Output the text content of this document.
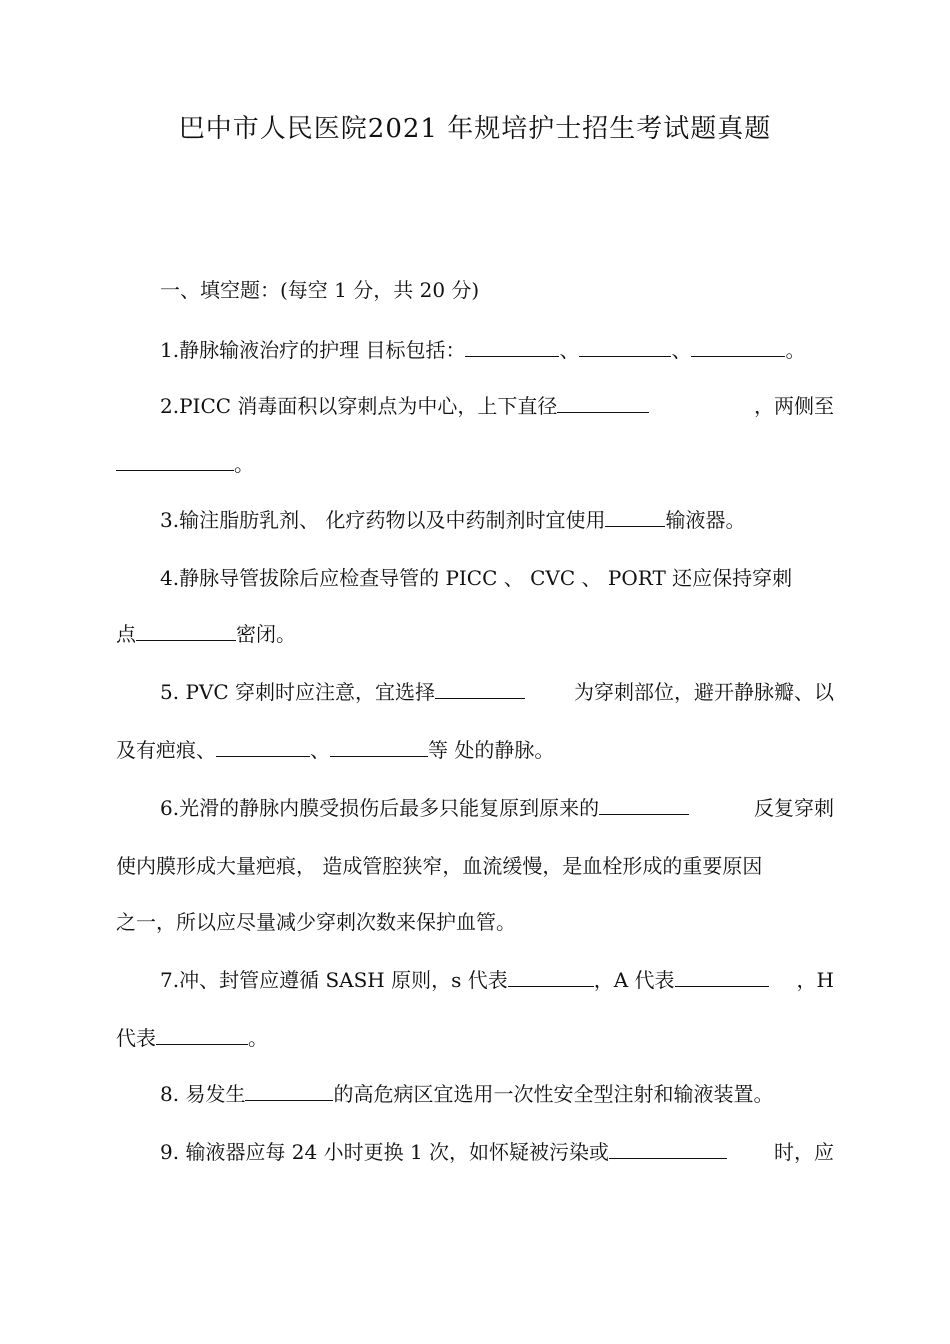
巴中市人民医院2021 年规培护士招生考试题真题
一、填空题：(每空 1 分，共 20 分)
1.静脉输液治疗的护理 目标包括：	、	、	。
2.PICC 消毒面积以穿刺点为中心，上下直径	，两侧至
。
3.输注脂肪乳剂、 化疗药物以及中药制剂时宜使用	输液器。
4.静脉导管拔除后应检查导管的 PICC 、 CVC 、 PORT 还应保持穿刺
点	密闭。
5. PVC 穿刺时应注意，宜选择	为穿刺部位，避开静脉瓣、以
及有疤痕、	、	等 处的静脉。
6.光滑的静脉内膜受损伤后最多只能复原到原来的	反复穿刺
使内膜形成大量疤痕， 造成管腔狭窄，血流缓慢，是血栓形成的重要原因
之一，所以应尽量减少穿刺次数来保护血管。
7.冲、封管应遵循 SASH 原则，s 代表	，A 代表	，H
代表	。
8. 易发生	的高危病区宜选用一次性安全型注射和输液装置。
9. 输液器应每 24 小时更换 1 次，如怀疑被污染或	时，应
